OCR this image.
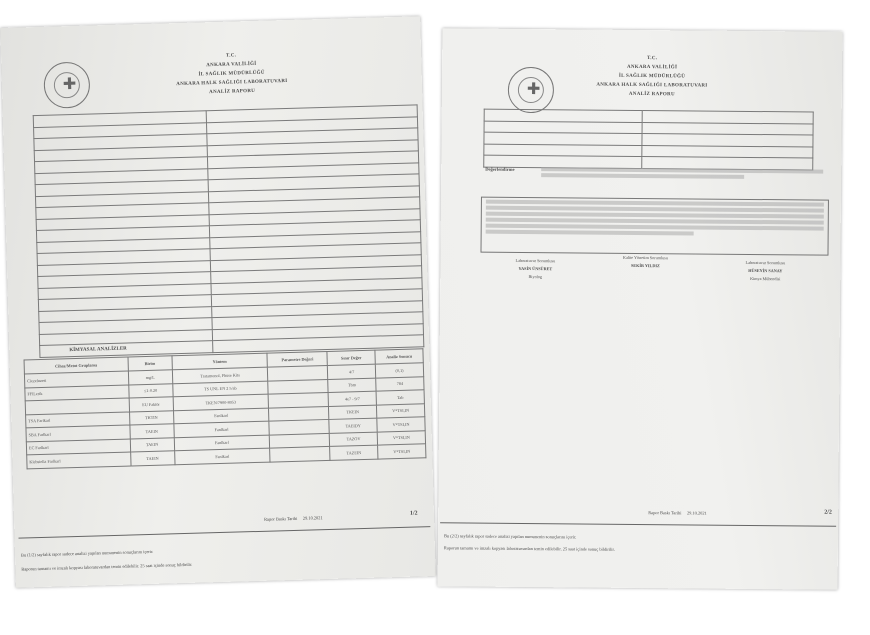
✚
T.C.
ANKARA VALİLİĞİ
İL SAĞLIK MÜDÜRLÜĞÜ
ANKARA HALK SAĞLIĞI LABORATUVARI
ANALİZ RAPORU

KİMYASAL ANALİZLER
Cihaz/Metot Gruplama	Birim	Yöntem	Parametre Değeri	Sınır Değer	Analiz Sonucu
Ciezeluzesi	mg/L	Tratamonol, Phuse Kits		4/7	(0,1)
FFlLerik	≤1-0.20	TS UNL EN 2 5/ab		Tbm	784
	EU Faktör	TKEN/7900-8053		4e7 - 9/7	Tab
TSA Farlkarl	TKTIN	Fanlkarl		TKEIN	V*TSI,IN
SBA Farlkarl	TAEIN	Fanlkarl		TAEIDY	V*TSI,IN
EC Farlkarl	TAEIN	Fanlkarl		TAZOV	V*TSI,IN
Klebsiella Farlkarl	TAEIN	Fanlkarl		TAZEIN	V*TSI,IN
Rapor Baskı Tarihi 29.10.2021
1/2
Bu (1/2) sayfalık rapor sadece analizi yapılan numunenin sonuçlarını içerir.
Raporun tamamı ve imzalı kopyası laboratuvardan temin edilebilir. 25 saat içinde sonuç bildirilir.
✚
T.C.
ANKARA VALİLİĞİ
İL SAĞLIK MÜDÜRLÜĞÜ
ANKARA HALK SAĞLIĞI LABORATUVARI
ANALİZ RAPORU

Değerlendirme
Laboratuvar Sorumlusu
YASİN ÜNSÜRET
Biyolog
Kalite Yönetim Sorumlusu
SEKİR YILDIZ
Laboratuvar Sorumlusu
HÜSEYİN SANAY
Kimya Mühendisi
Rapor Baskı Tarihi 29.10.2021	2/2
Bu (2/2) sayfalık rapor sadece analizi yapılan numunenin sonuçlarını içerir.
Raporun tamamı ve imzalı kopyası laboratuvardan temin edilebilir. 25 saat içinde sonuç bildirilir.
